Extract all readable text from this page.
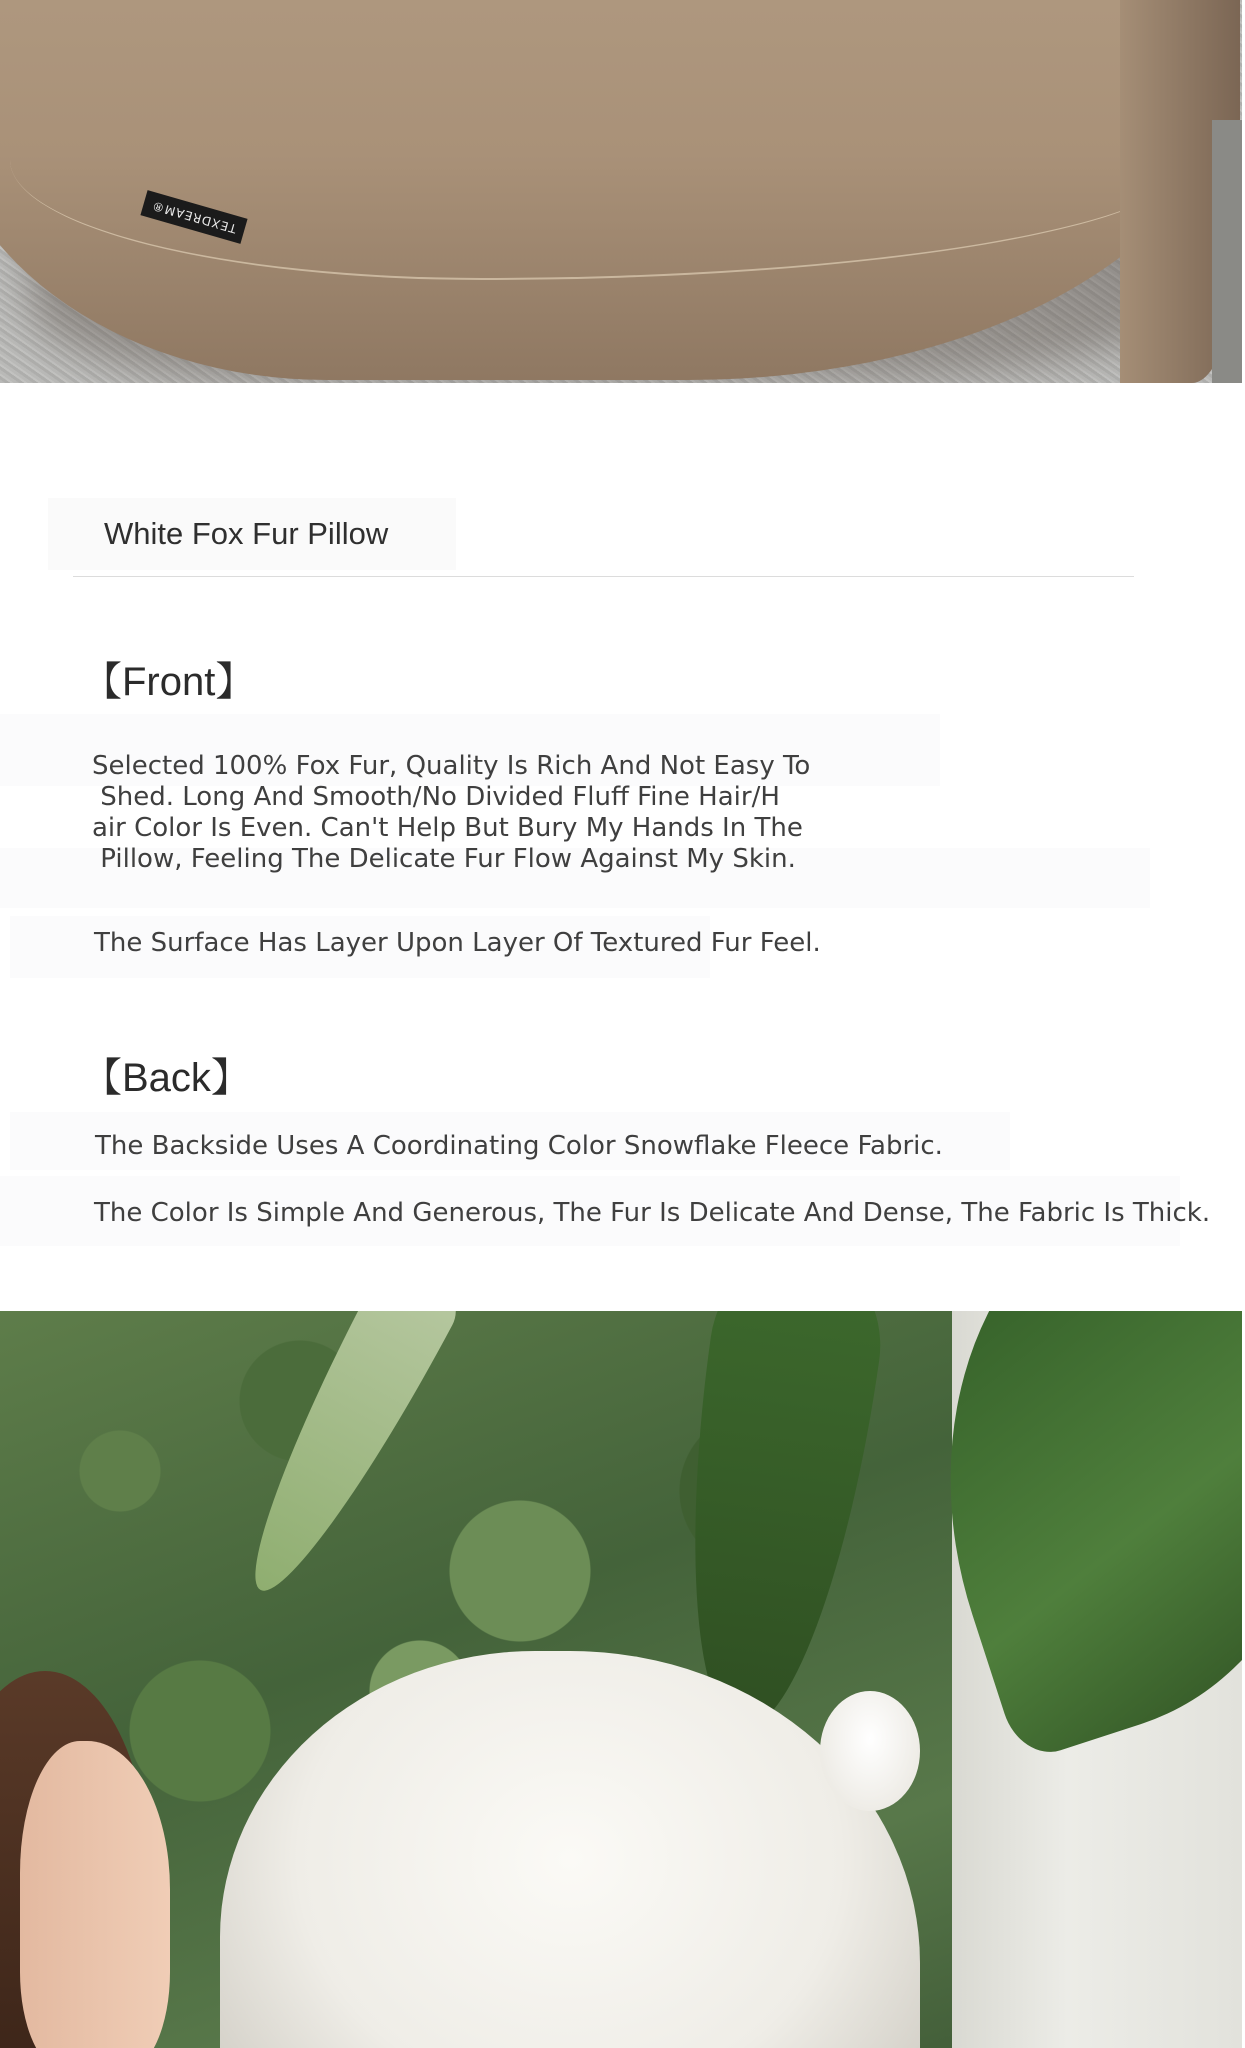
TEXDREAM®
White Fox Fur Pillow
【Front】
Selected 100% Fox Fur, Quality Is Rich And Not Easy To
Shed. Long And Smooth/No Divided Fluff Fine Hair/H
air Color Is Even. Can't Help But Bury My Hands In The
Pillow, Feeling The Delicate Fur Flow Against My Skin.
The Surface Has Layer Upon Layer Of Textured Fur Feel.
【Back】
The Backside Uses A Coordinating Color Snowflake Fleece Fabric.
The Color Is Simple And Generous, The Fur Is Delicate And Dense, The Fabric Is Thick.
